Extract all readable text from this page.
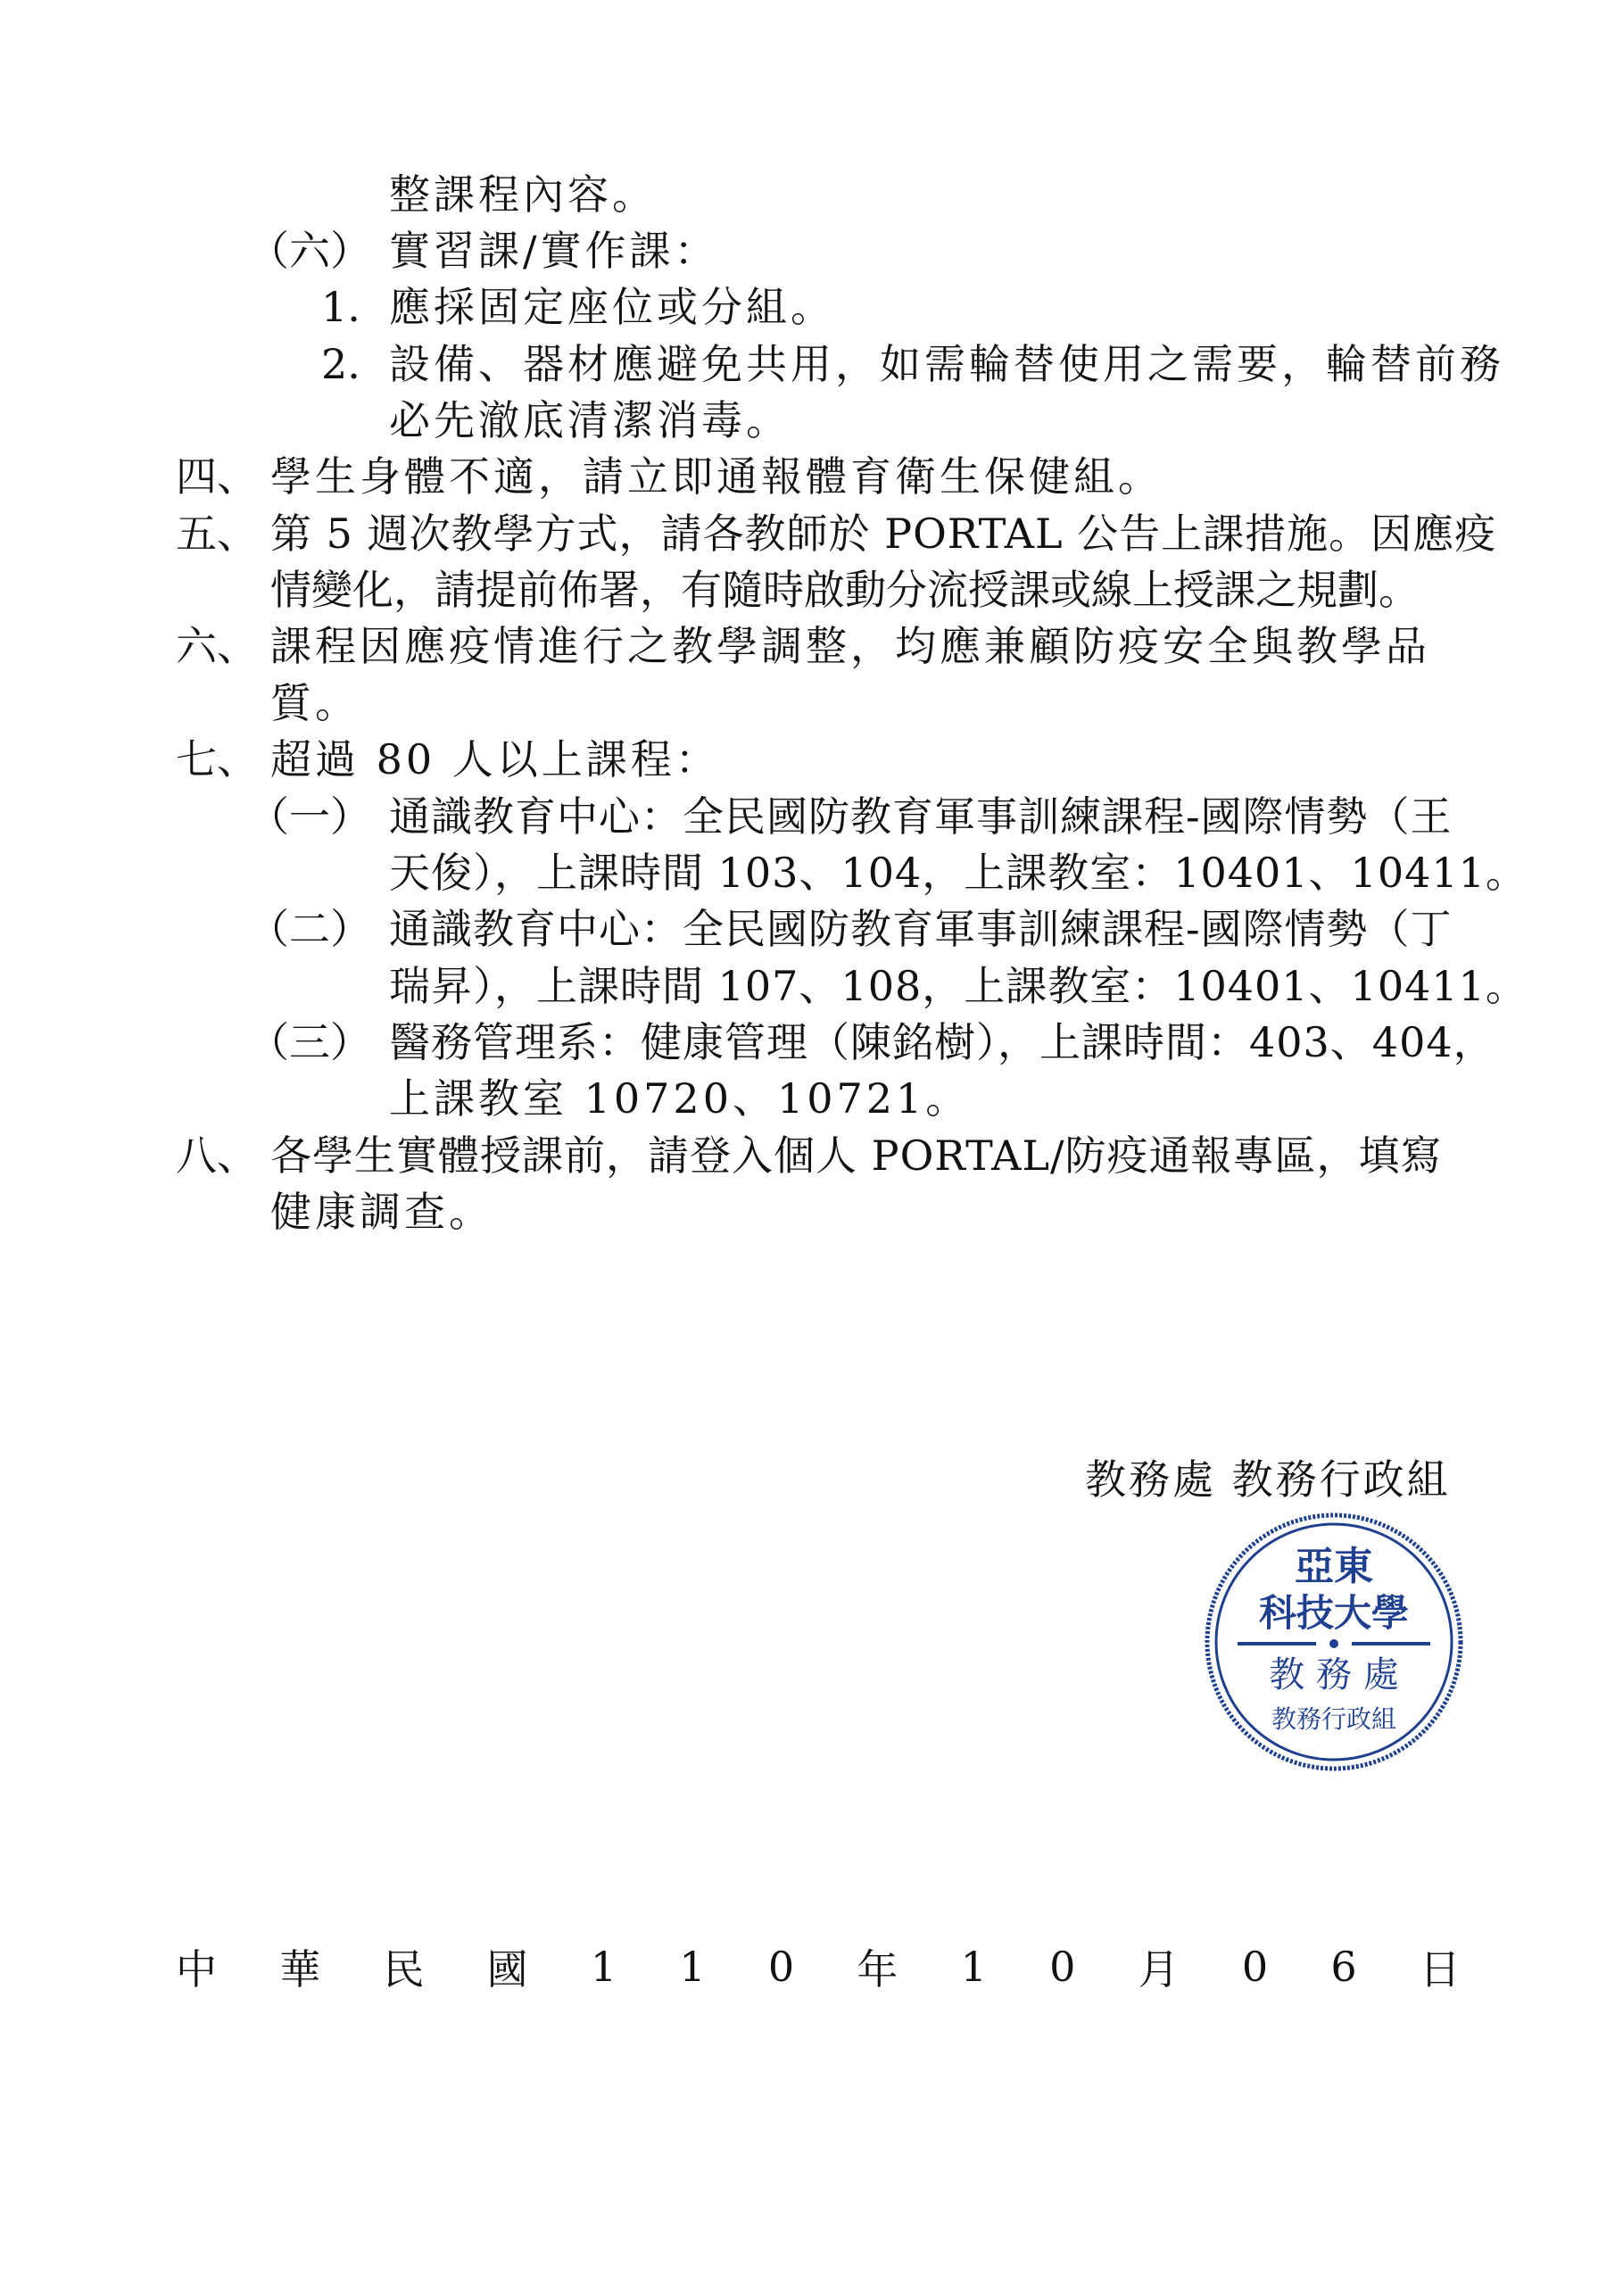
整課程內容。
（六） 實習課/實作課：
1. 應採固定座位或分組。
2. 設備、器材應避免共用，如需輪替使用之需要，輪替前務
必先澈底清潔消毒。
四、 學生身體不適，請立即通報體育衛生保健組。
五、 第 5 週次教學方式，請各教師於 PORTAL 公告上課措施。因應疫
情變化，請提前佈署，有隨時啟動分流授課或線上授課之規劃。
六、 課程因應疫情進行之教學調整，均應兼顧防疫安全與教學品
質。
七、 超過 80 人以上課程：
（一） 通識教育中心：全民國防教育軍事訓練課程-國際情勢（王
天俊），上課時間 103、104，上課教室：10401、10411。
（二） 通識教育中心：全民國防教育軍事訓練課程-國際情勢（丁
瑞昇），上課時間 107、108，上課教室：10401、10411。
（三） 醫務管理系：健康管理（陳銘樹），上課時間：403、404，
上課教室 10720、10721。
八、 各學生實體授課前，請登入個人 PORTAL/防疫通報專區，填寫
健康調查。
教務處 教務行政組
亞東
科技大學
教 務 處
教務行政組
中 華 民 國 1 1 0 年 1 0 月 0 6 日
